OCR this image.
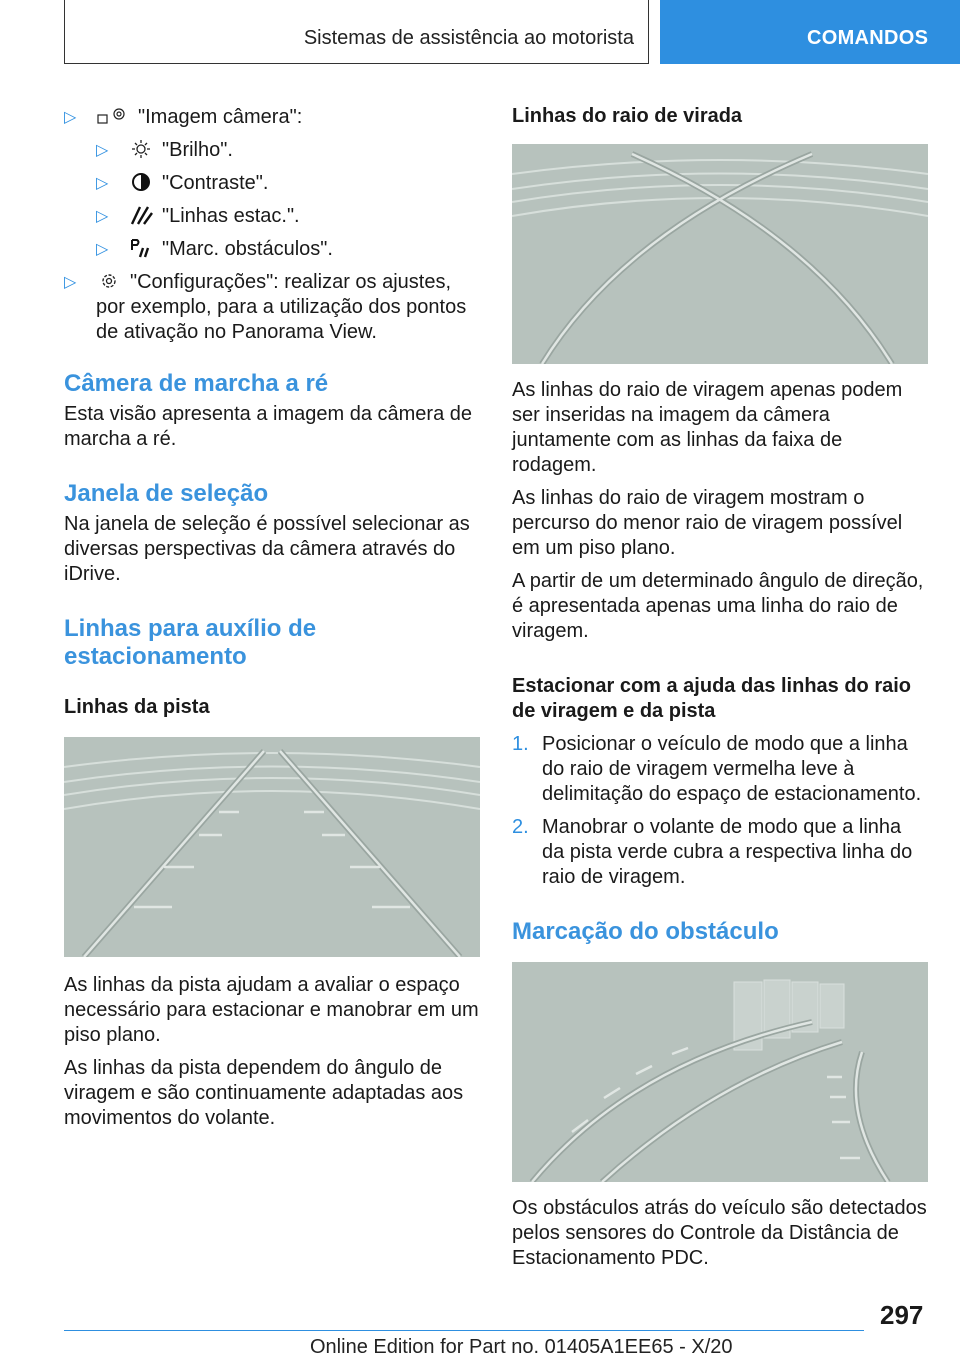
Sistemas de assistência ao motorista	COMANDOS
▷	"Imagem câmera":
▷	"Brilho".
▷	"Contraste".
▷	"Linhas estac.".
▷	"Marc. obstáculos".
▷	"Configurações": realizar os ajustes, por exemplo, para a utilização dos pontos de ativação no Panorama View.
Câmera de marcha a ré

Esta visão apresenta a imagem da câmera de marcha a ré.

Janela de seleção

Na janela de seleção é possível selecionar as diversas perspectivas da câmera através do iDrive.

Linhas para auxílio de estacionamento
Linhas da pista

As linhas da pista ajudam a avaliar o espaço necessário para estacionar e manobrar em um piso plano.

As linhas da pista dependem do ângulo de viragem e são continuamente adaptadas aos movimentos do volante.

Linhas do raio de virada

As linhas do raio de viragem apenas podem ser inseridas na imagem da câmera juntamente com as linhas da faixa de rodagem.

As linhas do raio de viragem mostram o percurso do menor raio de viragem possível em um piso plano.

A partir de um determinado ângulo de direção, é apresentada apenas uma linha do raio de viragem.

Estacionar com a ajuda das linhas do raio de viragem e da pista
1. Posicionar o veículo de modo que a linha do raio de viragem vermelha leve à delimitação do espaço de estacionamento.
2. Manobrar o volante de modo que a linha da pista verde cubra a respectiva linha do raio de viragem.
Marcação do obstáculo

Os obstáculos atrás do veículo são detectados pelos sensores do Controle da Distância de Estacionamento PDC.

297
Online Edition for Part no. 01405A1EE65 - X/20
